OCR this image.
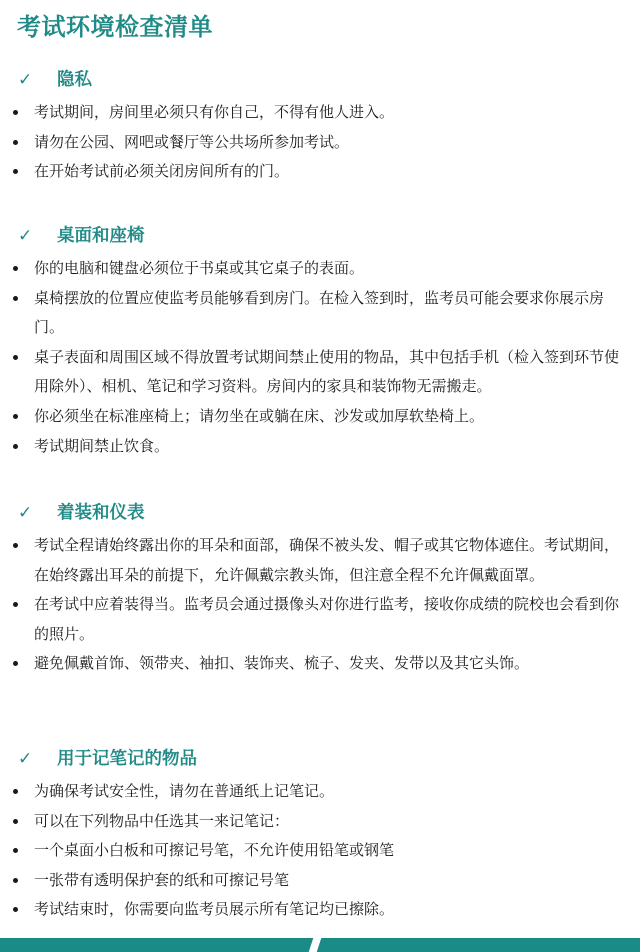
考试环境检查清单
✓ 隐私
考试期间，房间里必须只有你自己，不得有他人进入。
请勿在公园、网吧或餐厅等公共场所参加考试。
在开始考试前必须关闭房间所有的门。
✓ 桌面和座椅
你的电脑和键盘必须位于书桌或其它桌子的表面。
桌椅摆放的位置应使监考员能够看到房门。在检入签到时，监考员可能会要求你展示房门。
桌子表面和周围区域不得放置考试期间禁止使用的物品，其中包括手机（检入签到环节使用除外）、相机、笔记和学习资料。房间内的家具和装饰物无需搬走。
你必须坐在标准座椅上；请勿坐在或躺在床、沙发或加厚软垫椅上。
考试期间禁止饮食。
✓ 着装和仪表
考试全程请始终露出你的耳朵和面部，确保不被头发、帽子或其它物体遮住。考试期间，在始终露出耳朵的前提下，允许佩戴宗教头饰，但注意全程不允许佩戴面罩。
在考试中应着装得当。监考员会通过摄像头对你进行监考，接收你成绩的院校也会看到你的照片。
避免佩戴首饰、领带夹、袖扣、装饰夹、梳子、发夹、发带以及其它头饰。
✓ 用于记笔记的物品
为确保考试安全性，请勿在普通纸上记笔记。
可以在下列物品中任选其一来记笔记：
一个桌面小白板和可擦记号笔，不允许使用铅笔或钢笔
一张带有透明保护套的纸和可擦记号笔
考试结束时，你需要向监考员展示所有笔记均已擦除。
